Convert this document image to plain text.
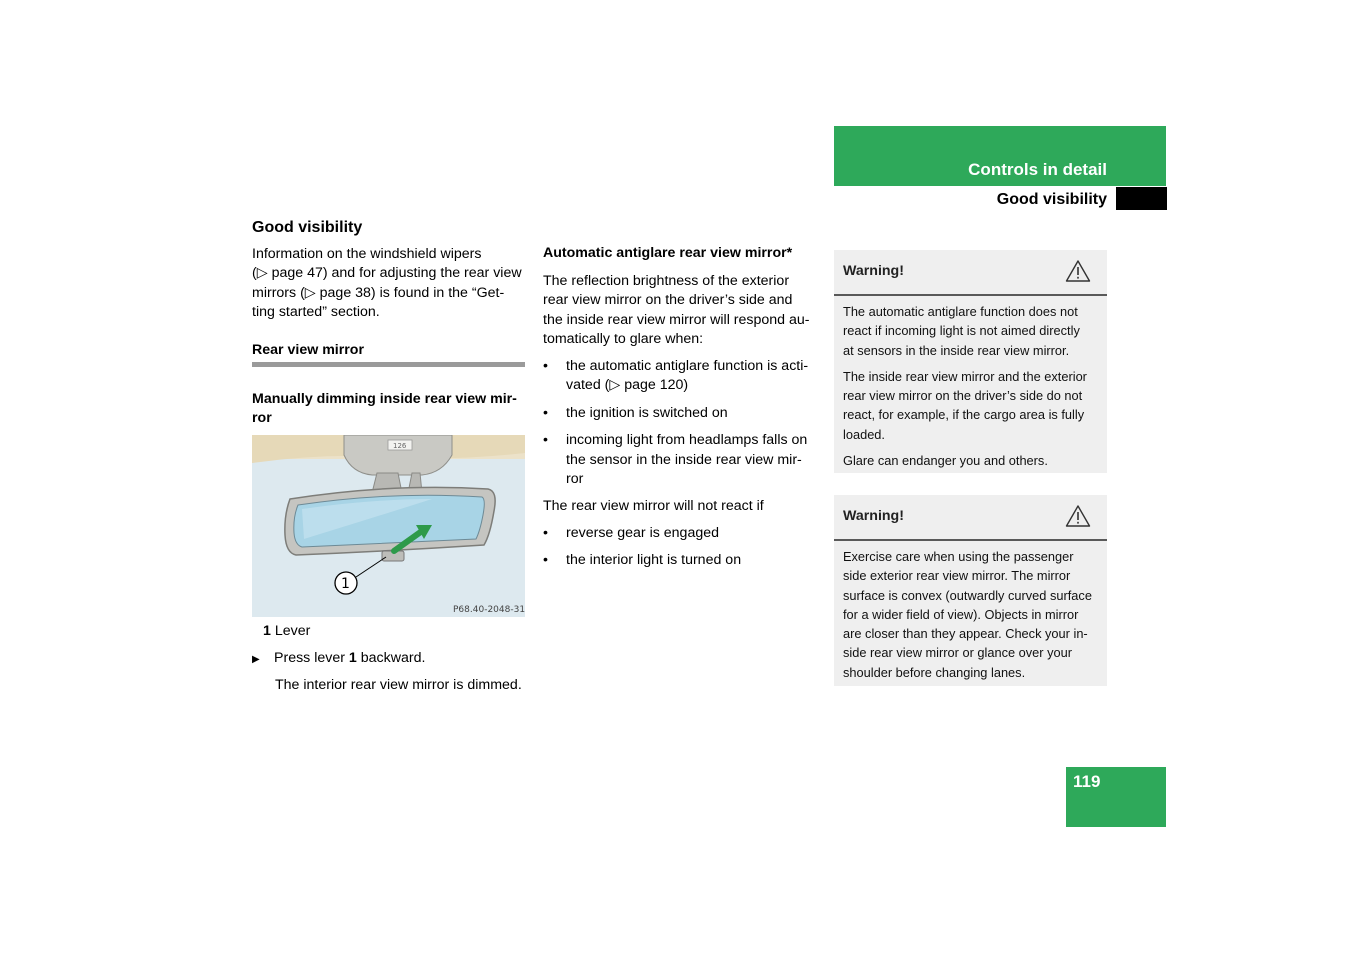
Controls in detail
Good visibility
Good visibility
Information on the windshield wipers
(▷ page 47) and for adjusting the rear view
mirrors (▷ page 38) is found in the “Get-
ting started” section.
Rear view mirror
Manually dimming inside rear view mir-
ror
126
1
P68.40-2048-31
1 Lever
▶ Press lever 1 backward.
The interior rear view mirror is dimmed.
Automatic antiglare rear view mirror*
The reflection brightness of the exterior
rear view mirror on the driver’s side and
the inside rear view mirror will respond au-
tomatically to glare when:
• the automatic antiglare function is acti-
vated (▷ page 120)
• the ignition is switched on
• incoming light from headlamps falls on
the sensor in the inside rear view mir-
ror
The rear view mirror will not react if
• reverse gear is engaged
• the interior light is turned on
Warning!

The automatic antiglare function does not
react if incoming light is not aimed directly
at sensors in the inside rear view mirror.

The inside rear view mirror and the exterior
rear view mirror on the driver’s side do not
react, for example, if the cargo area is fully
loaded.

Glare can endanger you and others.

Warning!

Exercise care when using the passenger
side exterior rear view mirror. The mirror
surface is convex (outwardly curved surface
for a wider field of view). Objects in mirror
are closer than they appear. Check your in-
side rear view mirror or glance over your
shoulder before changing lanes.

119
